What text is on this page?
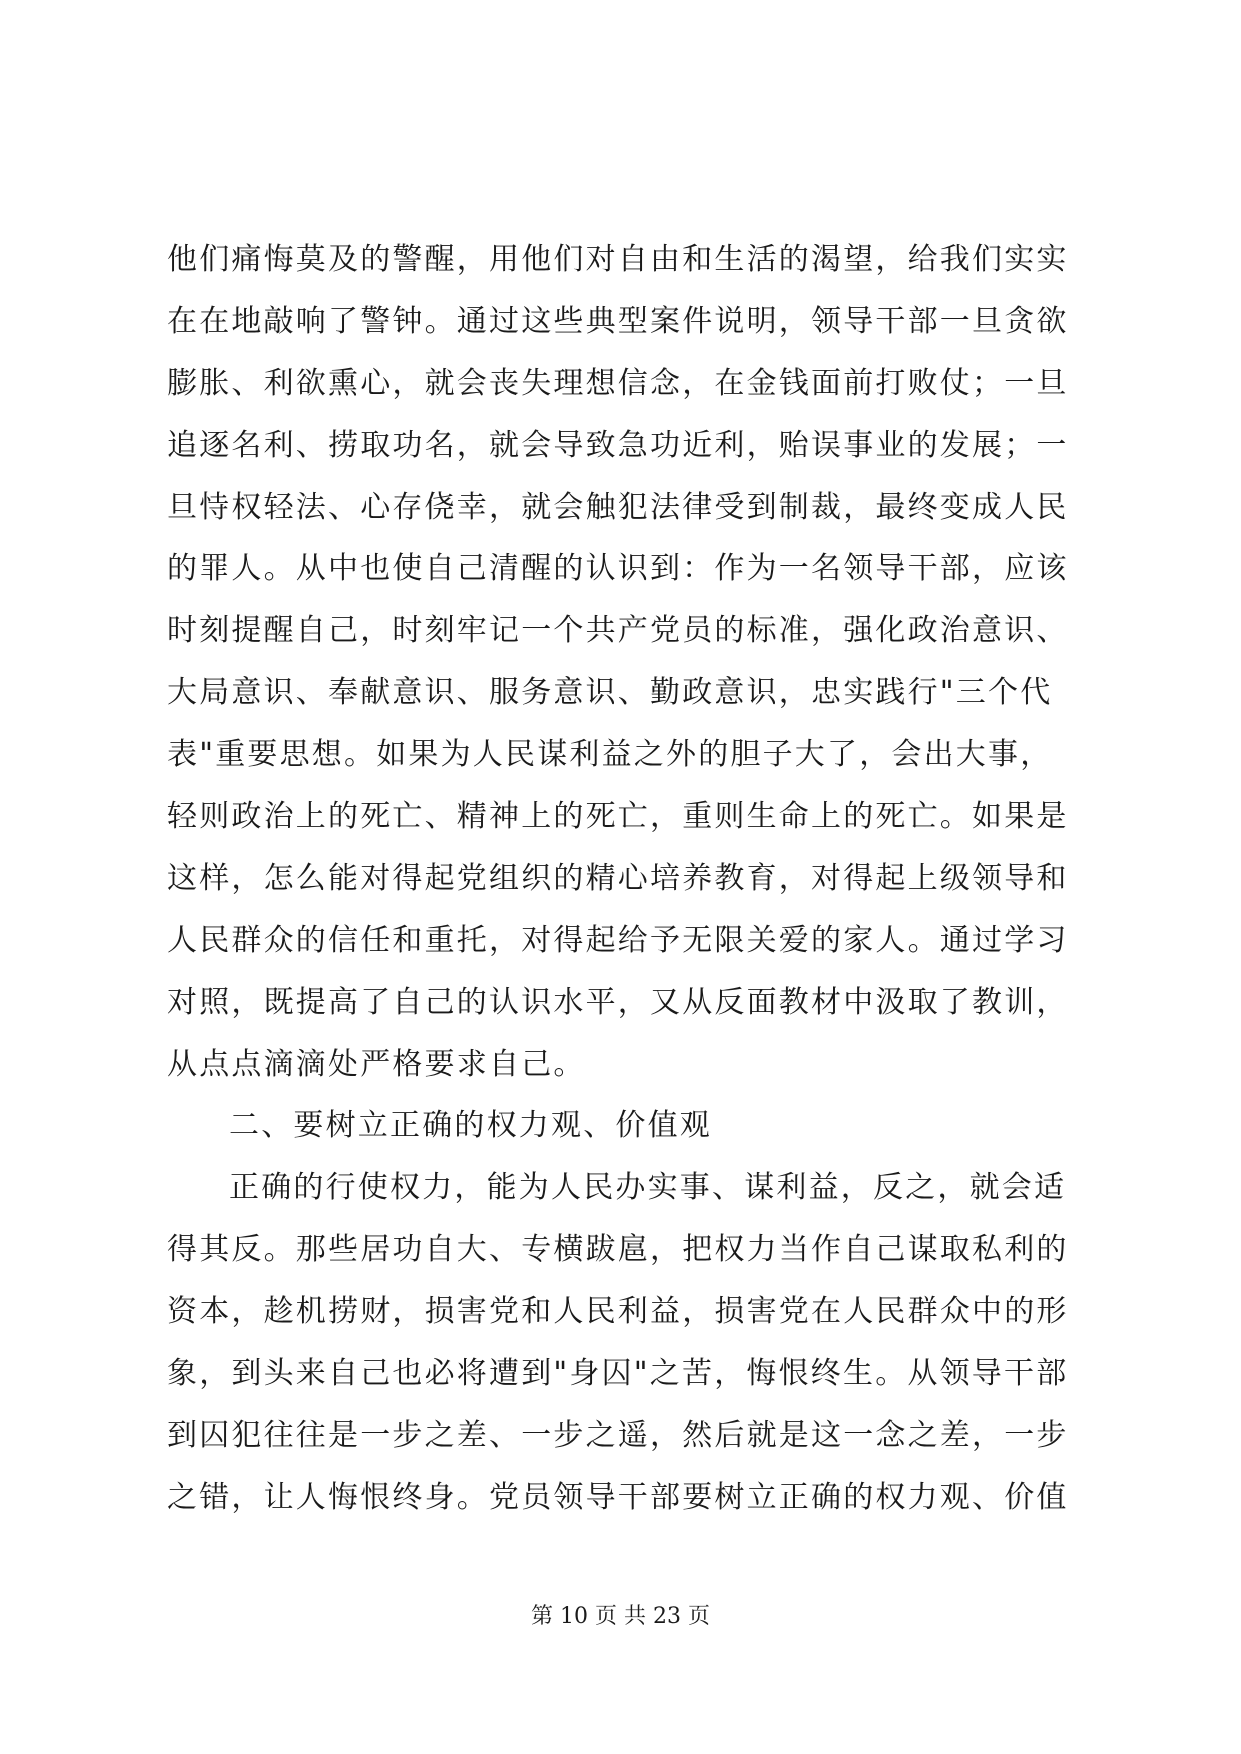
他们痛悔莫及的警醒，用他们对自由和生活的渴望，给我们实实
在在地敲响了警钟。通过这些典型案件说明，领导干部一旦贪欲
膨胀、利欲熏心，就会丧失理想信念，在金钱面前打败仗；一旦
追逐名利、捞取功名，就会导致急功近利，贻误事业的发展；一
旦恃权轻法、心存侥幸，就会触犯法律受到制裁，最终变成人民
的罪人。从中也使自己清醒的认识到：作为一名领导干部，应该
时刻提醒自己，时刻牢记一个共产党员的标准，强化政治意识、
大局意识、奉献意识、服务意识、勤政意识，忠实践行"三个代
表"重要思想。如果为人民谋利益之外的胆子大了，会出大事，
轻则政治上的死亡、精神上的死亡，重则生命上的死亡。如果是
这样，怎么能对得起党组织的精心培养教育，对得起上级领导和
人民群众的信任和重托，对得起给予无限关爱的家人。通过学习
对照，既提高了自己的认识水平，又从反面教材中汲取了教训，
从点点滴滴处严格要求自己。
二、要树立正确的权力观、价值观
正确的行使权力，能为人民办实事、谋利益，反之，就会适
得其反。那些居功自大、专横跋扈，把权力当作自己谋取私利的
资本，趁机捞财，损害党和人民利益，损害党在人民群众中的形
象，到头来自己也必将遭到"身囚"之苦，悔恨终生。从领导干部
到囚犯往往是一步之差、一步之遥，然后就是这一念之差，一步
之错，让人悔恨终身。党员领导干部要树立正确的权力观、价值
第 10 页 共 23 页
